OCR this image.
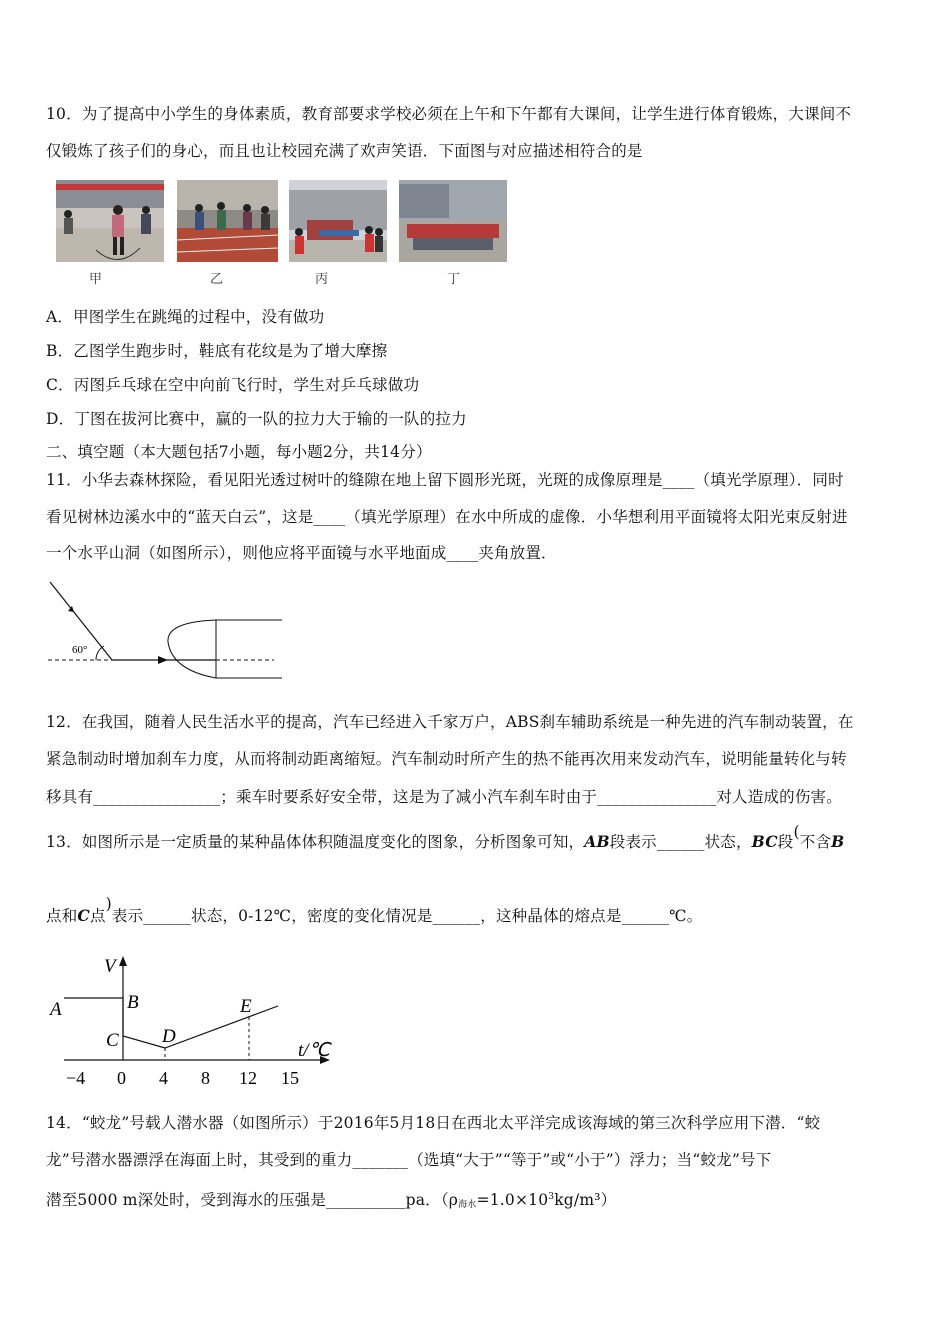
10．为了提高中小学生的身体素质，教育部要求学校必须在上午和下午都有大课间，让学生进行体育锻炼，大课间不
仅锻炼了孩子们的身心，而且也让校园充满了欢声笑语．下面图与对应描述相符合的是
甲	乙	丙	丁
A．甲图学生在跳绳的过程中，没有做功
B．乙图学生跑步时，鞋底有花纹是为了增大摩擦
C．丙图乒乓球在空中向前飞行时，学生对乒乓球做功
D．丁图在拔河比赛中，赢的一队的拉力大于输的一队的拉力
二、填空题（本大题包括7小题，每小题2分，共14分）
11．小华去森林探险，看见阳光透过树叶的缝隙在地上留下圆形光斑，光斑的成像原理是____（填光学原理）．同时
看见树林边溪水中的“蓝天白云”，这是____（填光学原理）在水中所成的虚像．小华想利用平面镜将太阳光束反射进
一个水平山洞（如图所示），则他应将平面镜与水平地面成____夹角放置．
60°
12．在我国，随着人民生活水平的提高，汽车已经进入千家万户，ABS刹车辅助系统是一种先进的汽车制动装置，在
紧急制动时增加刹车力度，从而将制动距离缩短。汽车制动时所产生的热不能再次用来发动汽车，说明能量转化与转
移具有________________；乘车时要系好安全带，这是为了减小汽车刹车时由于_______________对人造成的伤害。
13．如图所示是一定质量的某种晶体体积随温度变化的图象，分析图象可知，AB段表示______状态，BC段(不含B
点和C点)表示______状态，0-12℃，密度的变化情况是______，这种晶体的熔点是______℃。
V
t/℃
A	B
C D
E
−4 0 4 8 12 15
14．“蛟龙”号载人潜水器（如图所示）于2016年5月18日在西北太平洋完成该海域的第三次科学应用下潜．“蛟
龙”号潜水器漂浮在海面上时，其受到的重力_______（选填“大于”“等于”或“小于”）浮力；当“蛟龙”号下
潜至5000 m深处时，受到海水的压强是__________pa．$(\rho_{海水}=1.0\times 10^3kg/m^3)$
